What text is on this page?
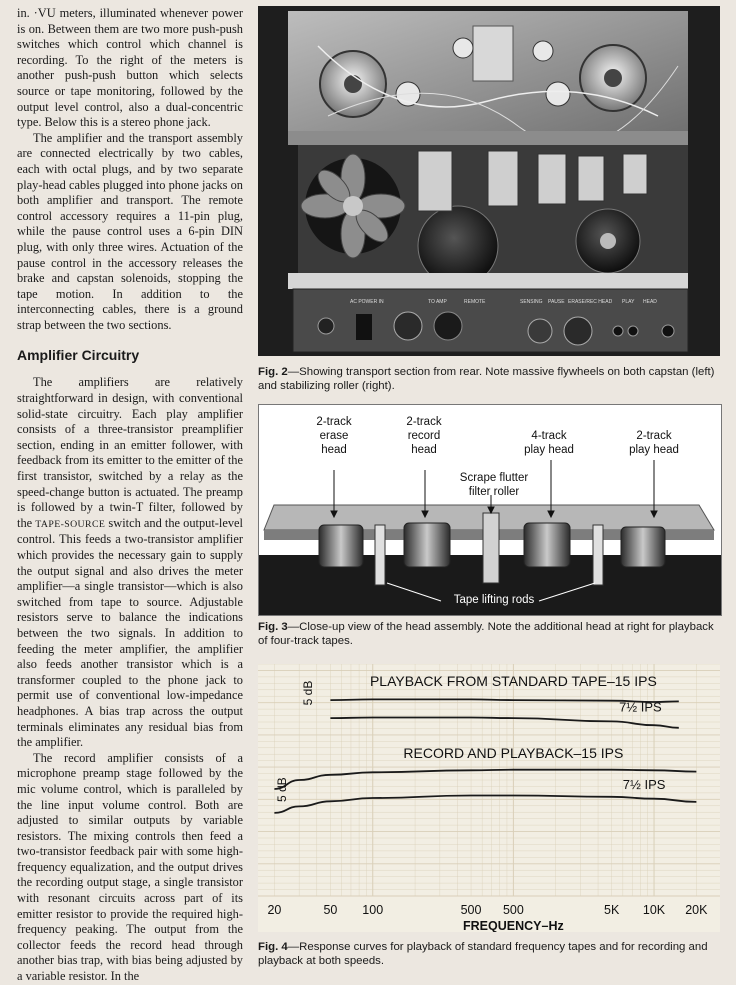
in. ·VU meters, illuminated whenever power is on. Between them are two more push-push switches which control which channel is recording. To the right of the meters is another push-push button which selects source or tape monitoring, followed by the output level control, also a dual-concentric type. Below this is a stereo phone jack.

The amplifier and the transport assembly are connected electrically by two cables, each with octal plugs, and by two separate play-head cables plugged into phone jacks on both amplifier and transport. The remote control accessory requires a 11-pin plug, while the pause control uses a 6-pin DIN plug, with only three wires. Actuation of the pause control in the accessory releases the brake and capstan solenoids, stopping the tape motion. In addition to the interconnecting cables, there is a ground strap between the two sections.

Amplifier Circuitry

The amplifiers are relatively straightforward in design, with conventional solid-state circuitry. Each play amplifier consists of a three-transistor preamplifier section, ending in an emitter follower, with feedback from its emitter to the emitter of the first transistor, switched by a relay as the speed-change button is actuated. The preamp is followed by a twin-T filter, followed by the TAPE-SOURCE switch and the output-level control. This feeds a two-transistor amplifier which provides the necessary gain to supply the output signal and also drives the meter amplifier—a single transistor—which is also switched from tape to source. Adjustable resistors serve to balance the indications between the two signals. In addition to feeding the meter amplifier, the amplifier also feeds another transistor which is a transformer coupled to the phone jack to permit use of conventional low-impedance headphones. A bias trap across the output terminals eliminates any residual bias from the amplifier.

The record amplifier consists of a microphone preamp stage followed by the mic volume control, which is paralleled by the line input volume control. Both are adjusted to similar outputs by variable resistors. The mixing controls then feed a two-transistor feedback pair with some high-frequency equalization, and the output drives the recording output stage, a single transistor with resonant circuits across part of its emitter resistor to provide the required high-frequency peaking. The output from the collector feeds the record head through another bias trap, with bias being adjusted by a variable resistor. In the

AC POWER IN	TO AMP	REMOTE	SENSING PAUSE ERASE/REC HEAD PLAY HEAD
Fig. 2—Showing transport section from rear. Note massive flywheels on both capstan (left) and stabilizing roller (right).
2-track
erase
head
2-track
record
head
Scrape flutter
filter roller
4-track
play head
2-track
play head
Tape lifting rods
Fig. 3—Close-up view of the head assembly. Note the additional head at right for playback of four-track tapes.
PLAYBACK FROM STANDARD TAPE–15 IPS
7½ IPS
RECORD AND PLAYBACK–15 IPS
7½ IPS
5 dB
5 dB
20	50 100	500 500	5K 10K 20K
FREQUENCY–Hz
Fig. 4—Response curves for playback of standard frequency tapes and for recording and playback at both speeds.
